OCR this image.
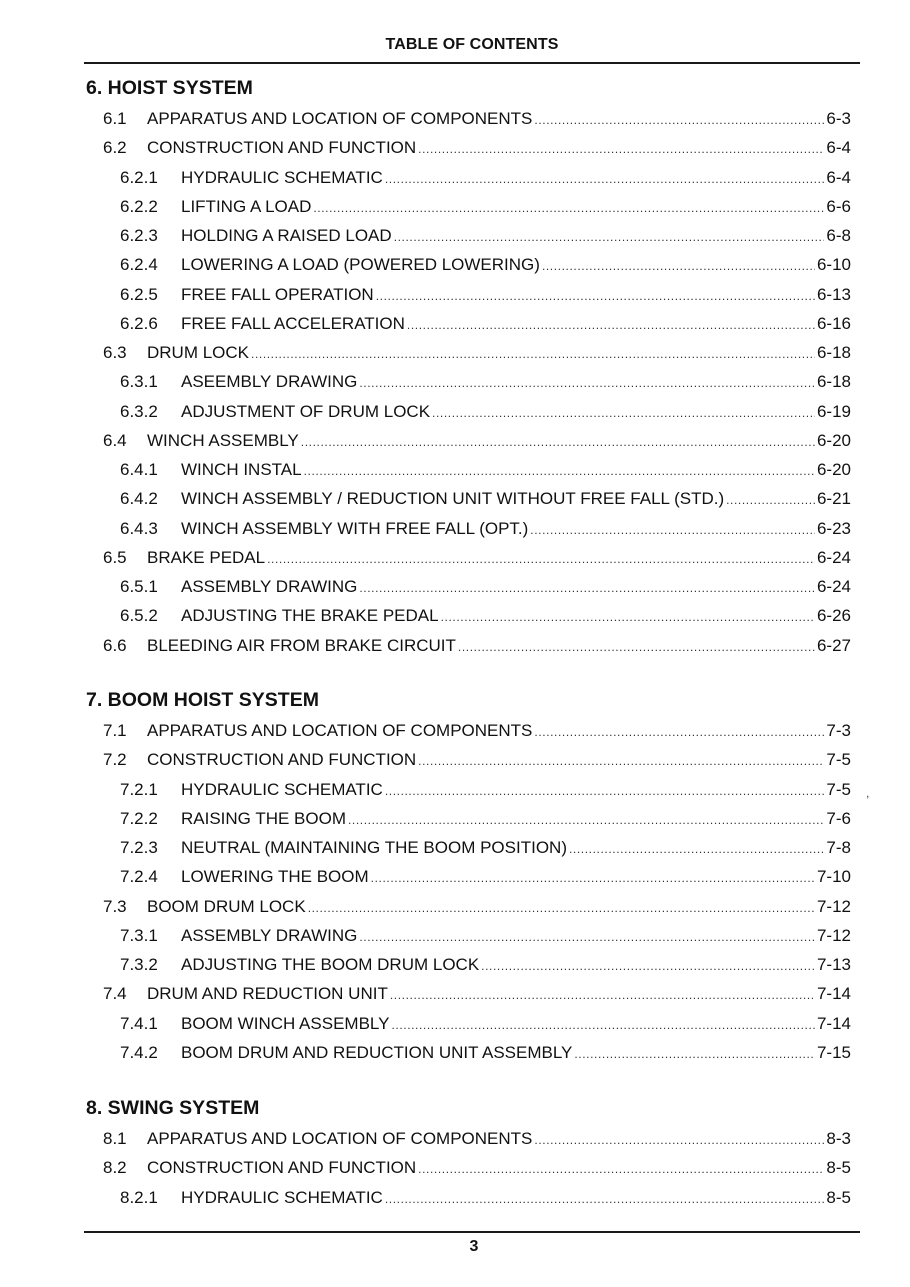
TABLE OF CONTENTS
6. HOIST SYSTEM
6.1	APPARATUS AND LOCATION OF COMPONENTS .....	6-3
6.2	CONSTRUCTION AND FUNCTION .....	6-4
6.2.1	HYDRAULIC SCHEMATIC .....	6-4
6.2.2	LIFTING A LOAD .....	6-6
6.2.3	HOLDING A RAISED LOAD .....	6-8
6.2.4	LOWERING A LOAD (POWERED LOWERING) .....	6-10
6.2.5	FREE FALL OPERATION .....	6-13
6.2.6	FREE FALL ACCELERATION .....	6-16
6.3	DRUM LOCK .....	6-18
6.3.1	ASEEMBLY DRAWING .....	6-18
6.3.2	ADJUSTMENT OF DRUM LOCK .....	6-19
6.4	WINCH ASSEMBLY .....	6-20
6.4.1	WINCH INSTAL .....	6-20
6.4.2	WINCH ASSEMBLY / REDUCTION UNIT WITHOUT FREE FALL (STD.) .....	6-21
6.4.3	WINCH ASSEMBLY WITH FREE FALL (OPT.) .....	6-23
6.5	BRAKE PEDAL .....	6-24
6.5.1	ASSEMBLY DRAWING .....	6-24
6.5.2	ADJUSTING THE BRAKE PEDAL .....	6-26
6.6	BLEEDING AIR FROM BRAKE CIRCUIT .....	6-27
7. BOOM HOIST SYSTEM
7.1	APPARATUS AND LOCATION OF COMPONENTS .....	7-3
7.2	CONSTRUCTION AND FUNCTION .....	7-5
7.2.1	HYDRAULIC SCHEMATIC .....	7-5
7.2.2	RAISING THE BOOM .....	7-6
7.2.3	NEUTRAL (MAINTAINING THE BOOM POSITION) .....	7-8
7.2.4	LOWERING THE BOOM .....	7-10
7.3	BOOM DRUM LOCK .....	7-12
7.3.1	ASSEMBLY DRAWING .....	7-12
7.3.2	ADJUSTING THE BOOM DRUM LOCK .....	7-13
7.4	DRUM AND REDUCTION UNIT .....	7-14
7.4.1	BOOM WINCH ASSEMBLY .....	7-14
7.4.2	BOOM DRUM AND REDUCTION UNIT ASSEMBLY .....	7-15
8. SWING SYSTEM
8.1	APPARATUS AND LOCATION OF COMPONENTS .....	8-3
8.2	CONSTRUCTION AND FUNCTION .....	8-5
8.2.1	HYDRAULIC SCHEMATIC .....	8-5
,
3
